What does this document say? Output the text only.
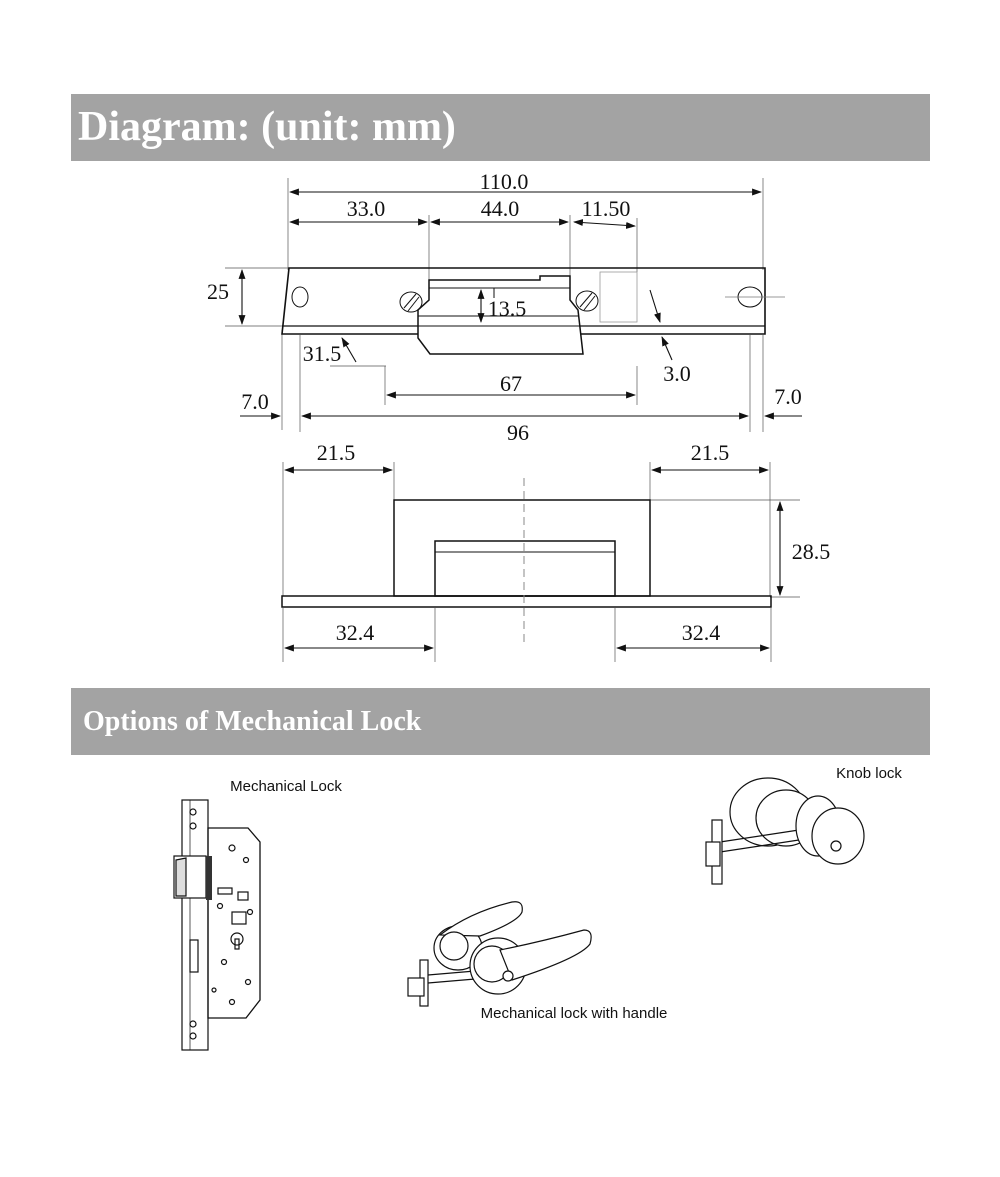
Diagram: (unit: mm)
Options of Mechanical Lock
110.0
33.0	44.0	11.50
25
13.5
31.5
3.0
67
7.0	7.0
96
21.5	21.5
28.5
32.4	32.4
Mechanical Lock
Mechanical lock with handle
Knob lock
